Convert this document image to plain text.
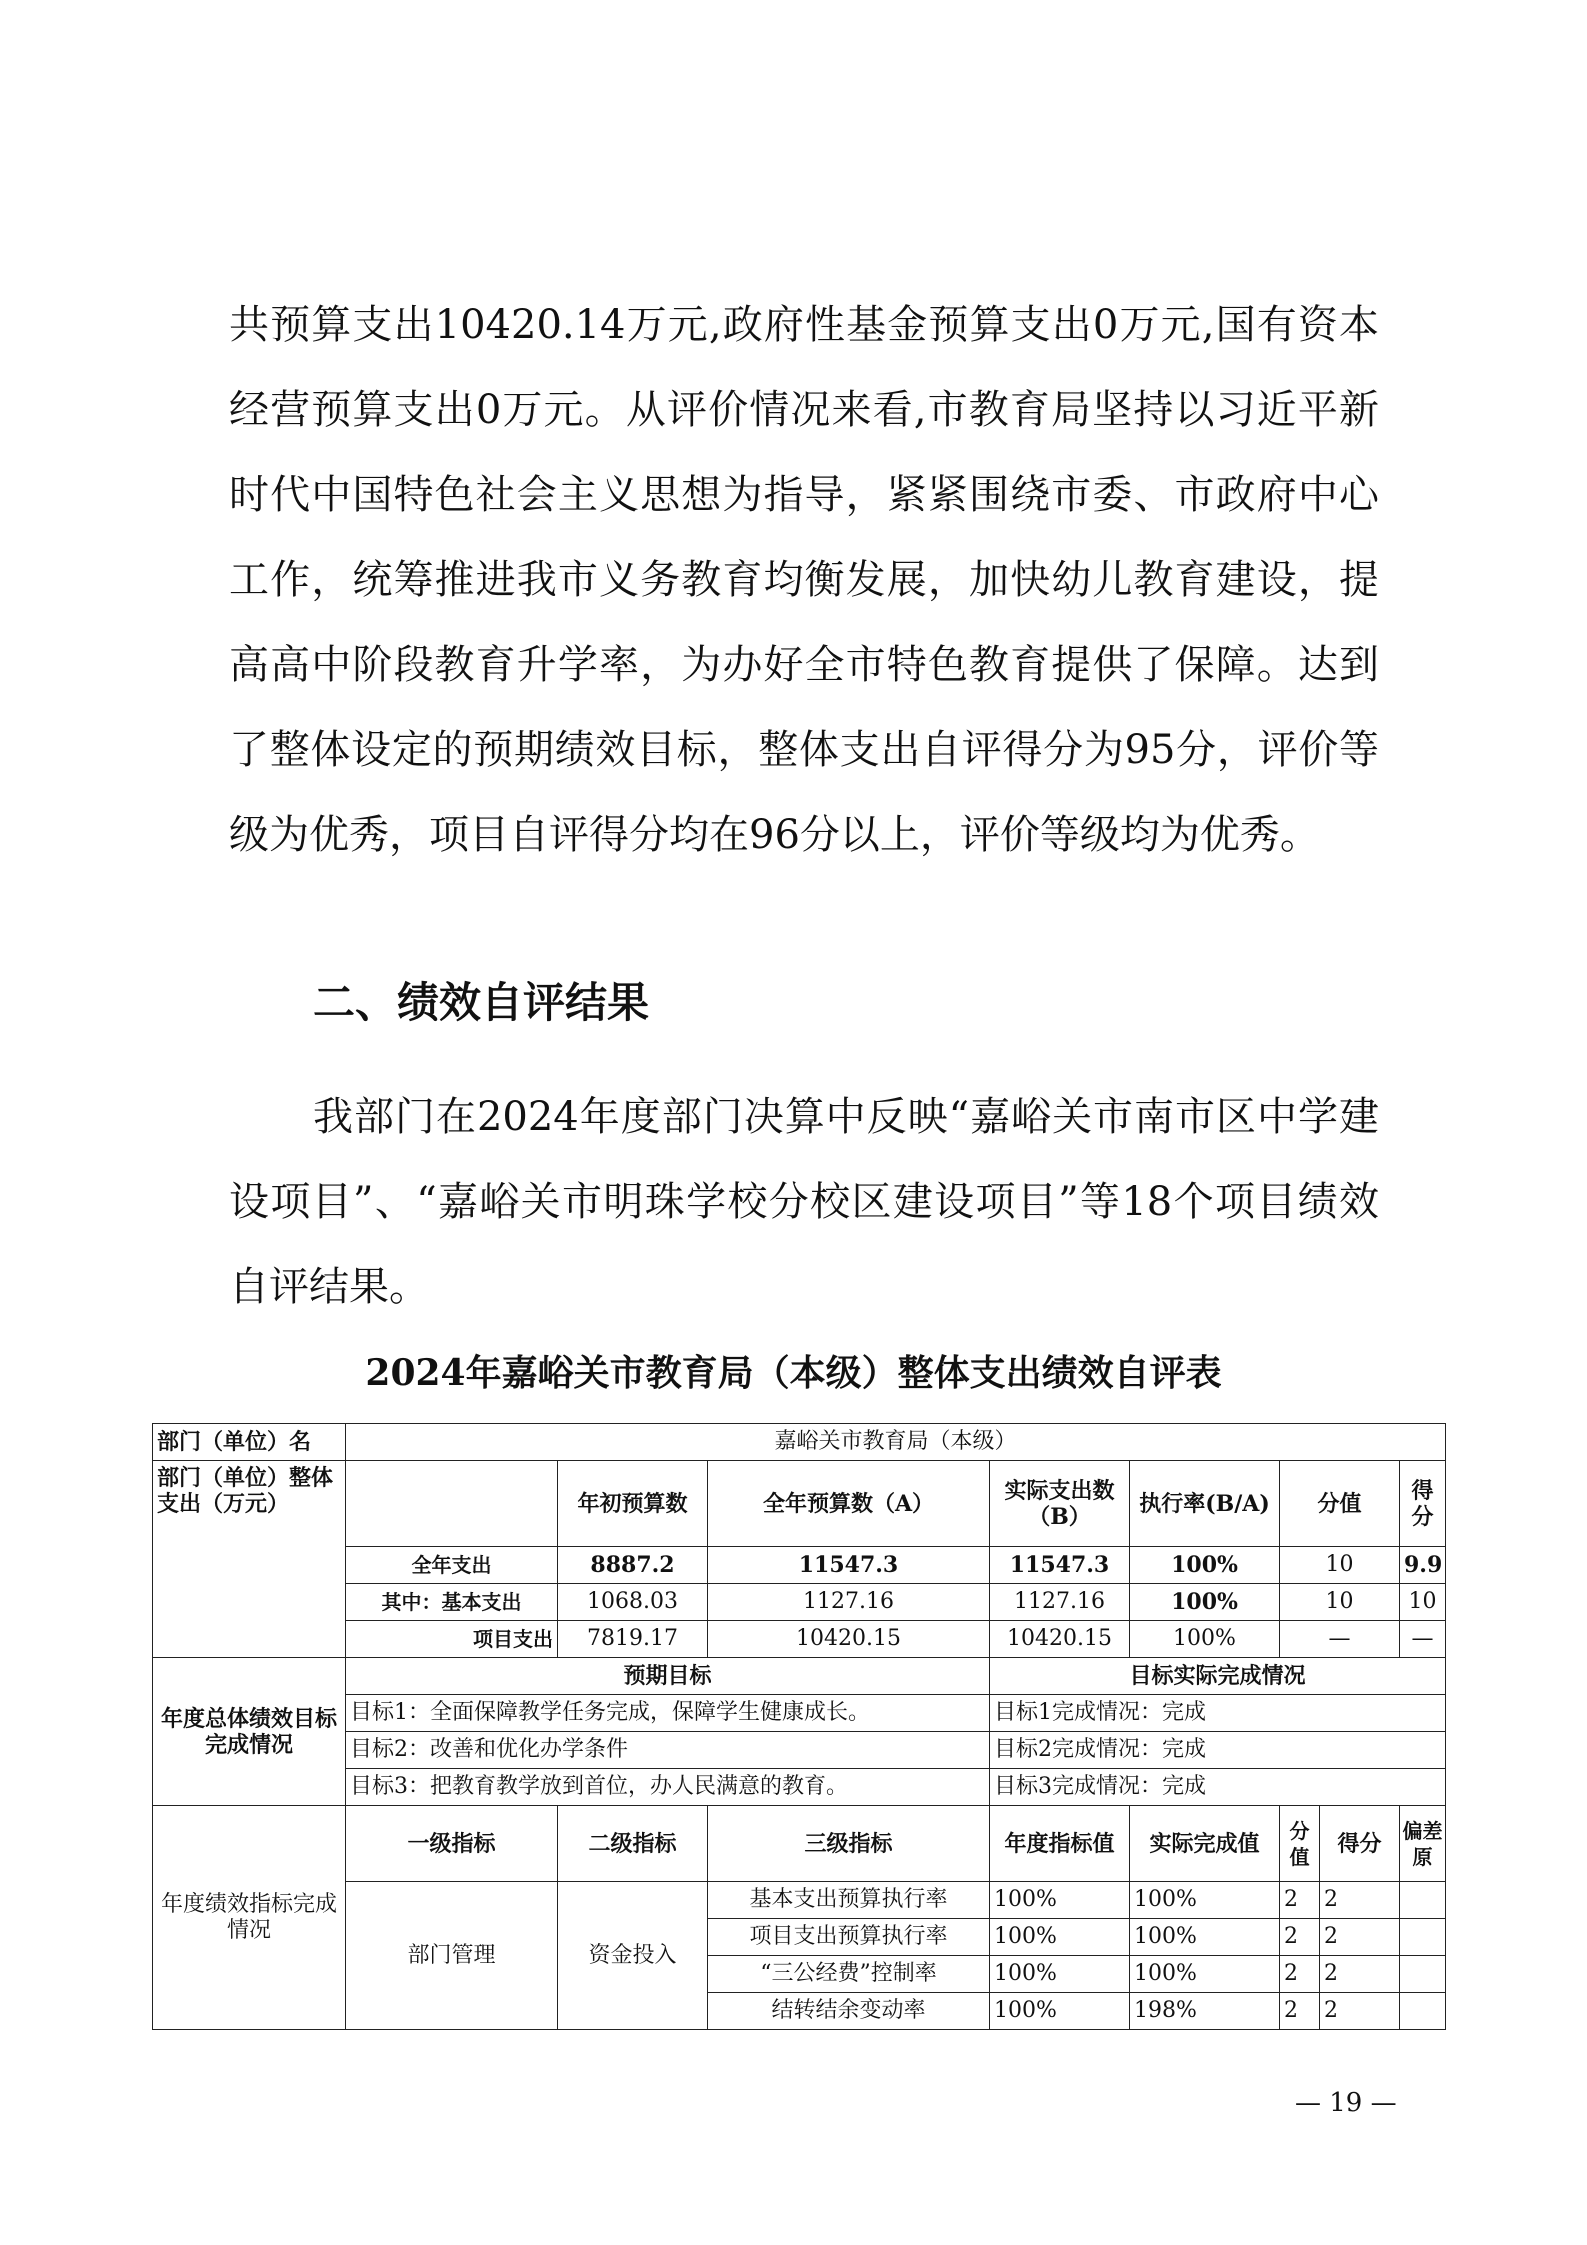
共预算支出10420.14万元,政府性基金预算支出0万元,国有资本经营预算支出0万元。从评价情况来看,市教育局坚持以习近平新时代中国特色社会主义思想为指导，紧紧围绕市委、市政府中心工作，统筹推进我市义务教育均衡发展，加快幼儿教育建设，提高高中阶段教育升学率，为办好全市特色教育提供了保障。达到了整体设定的预期绩效目标，整体支出自评得分为95分，评价等级为优秀，项目自评得分均在96分以上，评价等级均为优秀。

二、绩效自评结果

我部门在2024年度部门决算中反映“嘉峪关市南市区中学建设项目”、“嘉峪关市明珠学校分校区建设项目”等18个项目绩效自评结果。

2024年嘉峪关市教育局（本级）整体支出绩效自评表
部门（单位）名	嘉峪关市教育局（本级）							
部门（单位）整体支出（万元）		年初预算数	全年预算数（A）	实际支出数（B）	执行率(B/A)	分值		得分
	全年支出	8887.2	11547.3	11547.3	100%	10		9.9
	其中：基本支出	1068.03	1127.16	1127.16	100%	10		10
	项目支出	7819.17	10420.15	10420.15	100%	—		—
年度总体绩效目标完成情况	预期目标			目标实际完成情况				
	目标1：全面保障教学任务完成，保障学生健康成长。			目标1完成情况：完成				
	目标2：改善和优化办学条件			目标2完成情况：完成				
	目标3：把教育教学放到首位，办人民满意的教育。			目标3完成情况：完成				
年度绩效指标完成情况	一级指标	二级指标	三级指标	年度指标值	实际完成值	分值	得分	偏差原
	部门管理	资金投入	基本支出预算执行率	100%	100%	2	2	
			项目支出预算执行率	100%	100%	2	2	
			“三公经费”控制率	100%	100%	2	2	
			结转结余变动率	100%	198%	2	2	

— 19 —
